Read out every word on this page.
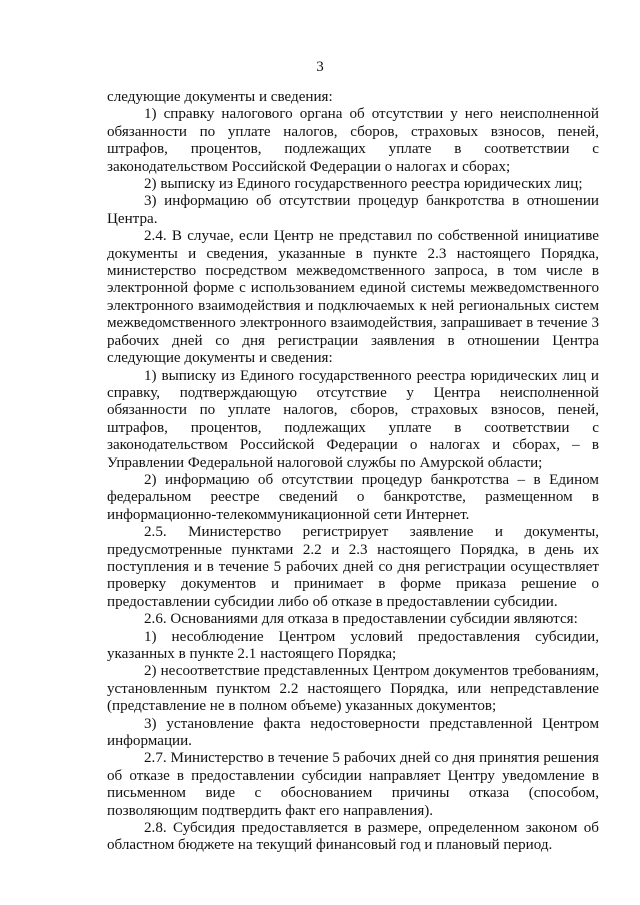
3

следующие документы и сведения:

1) справку налогового органа об отсутствии у него неисполненной обязанности по уплате налогов, сборов, страховых взносов, пеней, штрафов, процентов, подлежащих уплате в соответствии с законодательством Российской Федерации о налогах и сборах;

2) выписку из Единого государственного реестра юридических лиц;

3) информацию об отсутствии процедур банкротства в отношении Центра.

2.4. В случае, если Центр не представил по собственной инициативе документы и сведения, указанные в пункте 2.3 настоящего Порядка, министерство посредством межведомственного запроса, в том числе в электронной форме с использованием единой системы межведомственного электронного взаимодействия и подключаемых к ней региональных систем межведомственного электронного взаимодействия, запрашивает в течение 3 рабочих дней со дня регистрации заявления в отношении Центра следующие документы и сведения:

1) выписку из Единого государственного реестра юридических лиц и справку, подтверждающую отсутствие у Центра неисполненной обязанности по уплате налогов, сборов, страховых взносов, пеней, штрафов, процентов, подлежащих уплате в соответствии с законодательством Российской Федерации о налогах и сборах, – в Управлении Федеральной налоговой службы по Амурской области;

2) информацию об отсутствии процедур банкротства – в Едином федеральном реестре сведений о банкротстве, размещенном в информационно-телекоммуникационной сети Интернет.

2.5. Министерство регистрирует заявление и документы, предусмотренные пунктами 2.2 и 2.3 настоящего Порядка, в день их поступления и в течение 5 рабочих дней со дня регистрации осуществляет проверку документов и принимает в форме приказа решение о предоставлении субсидии либо об отказе в предоставлении субсидии.

2.6. Основаниями для отказа в предоставлении субсидии являются:

1) несоблюдение Центром условий предоставления субсидии, указанных в пункте 2.1 настоящего Порядка;

2) несоответствие представленных Центром документов требованиям, установленным пунктом 2.2 настоящего Порядка, или непредставление (представление не в полном объеме) указанных документов;

3) установление факта недостоверности представленной Центром информации.

2.7. Министерство в течение 5 рабочих дней со дня принятия решения об отказе в предоставлении субсидии направляет Центру уведомление в письменном виде с обоснованием причины отказа (способом, позволяющим подтвердить факт его направления).

2.8. Субсидия предоставляется в размере, определенном законом об областном бюджете на текущий финансовый год и плановый период.
